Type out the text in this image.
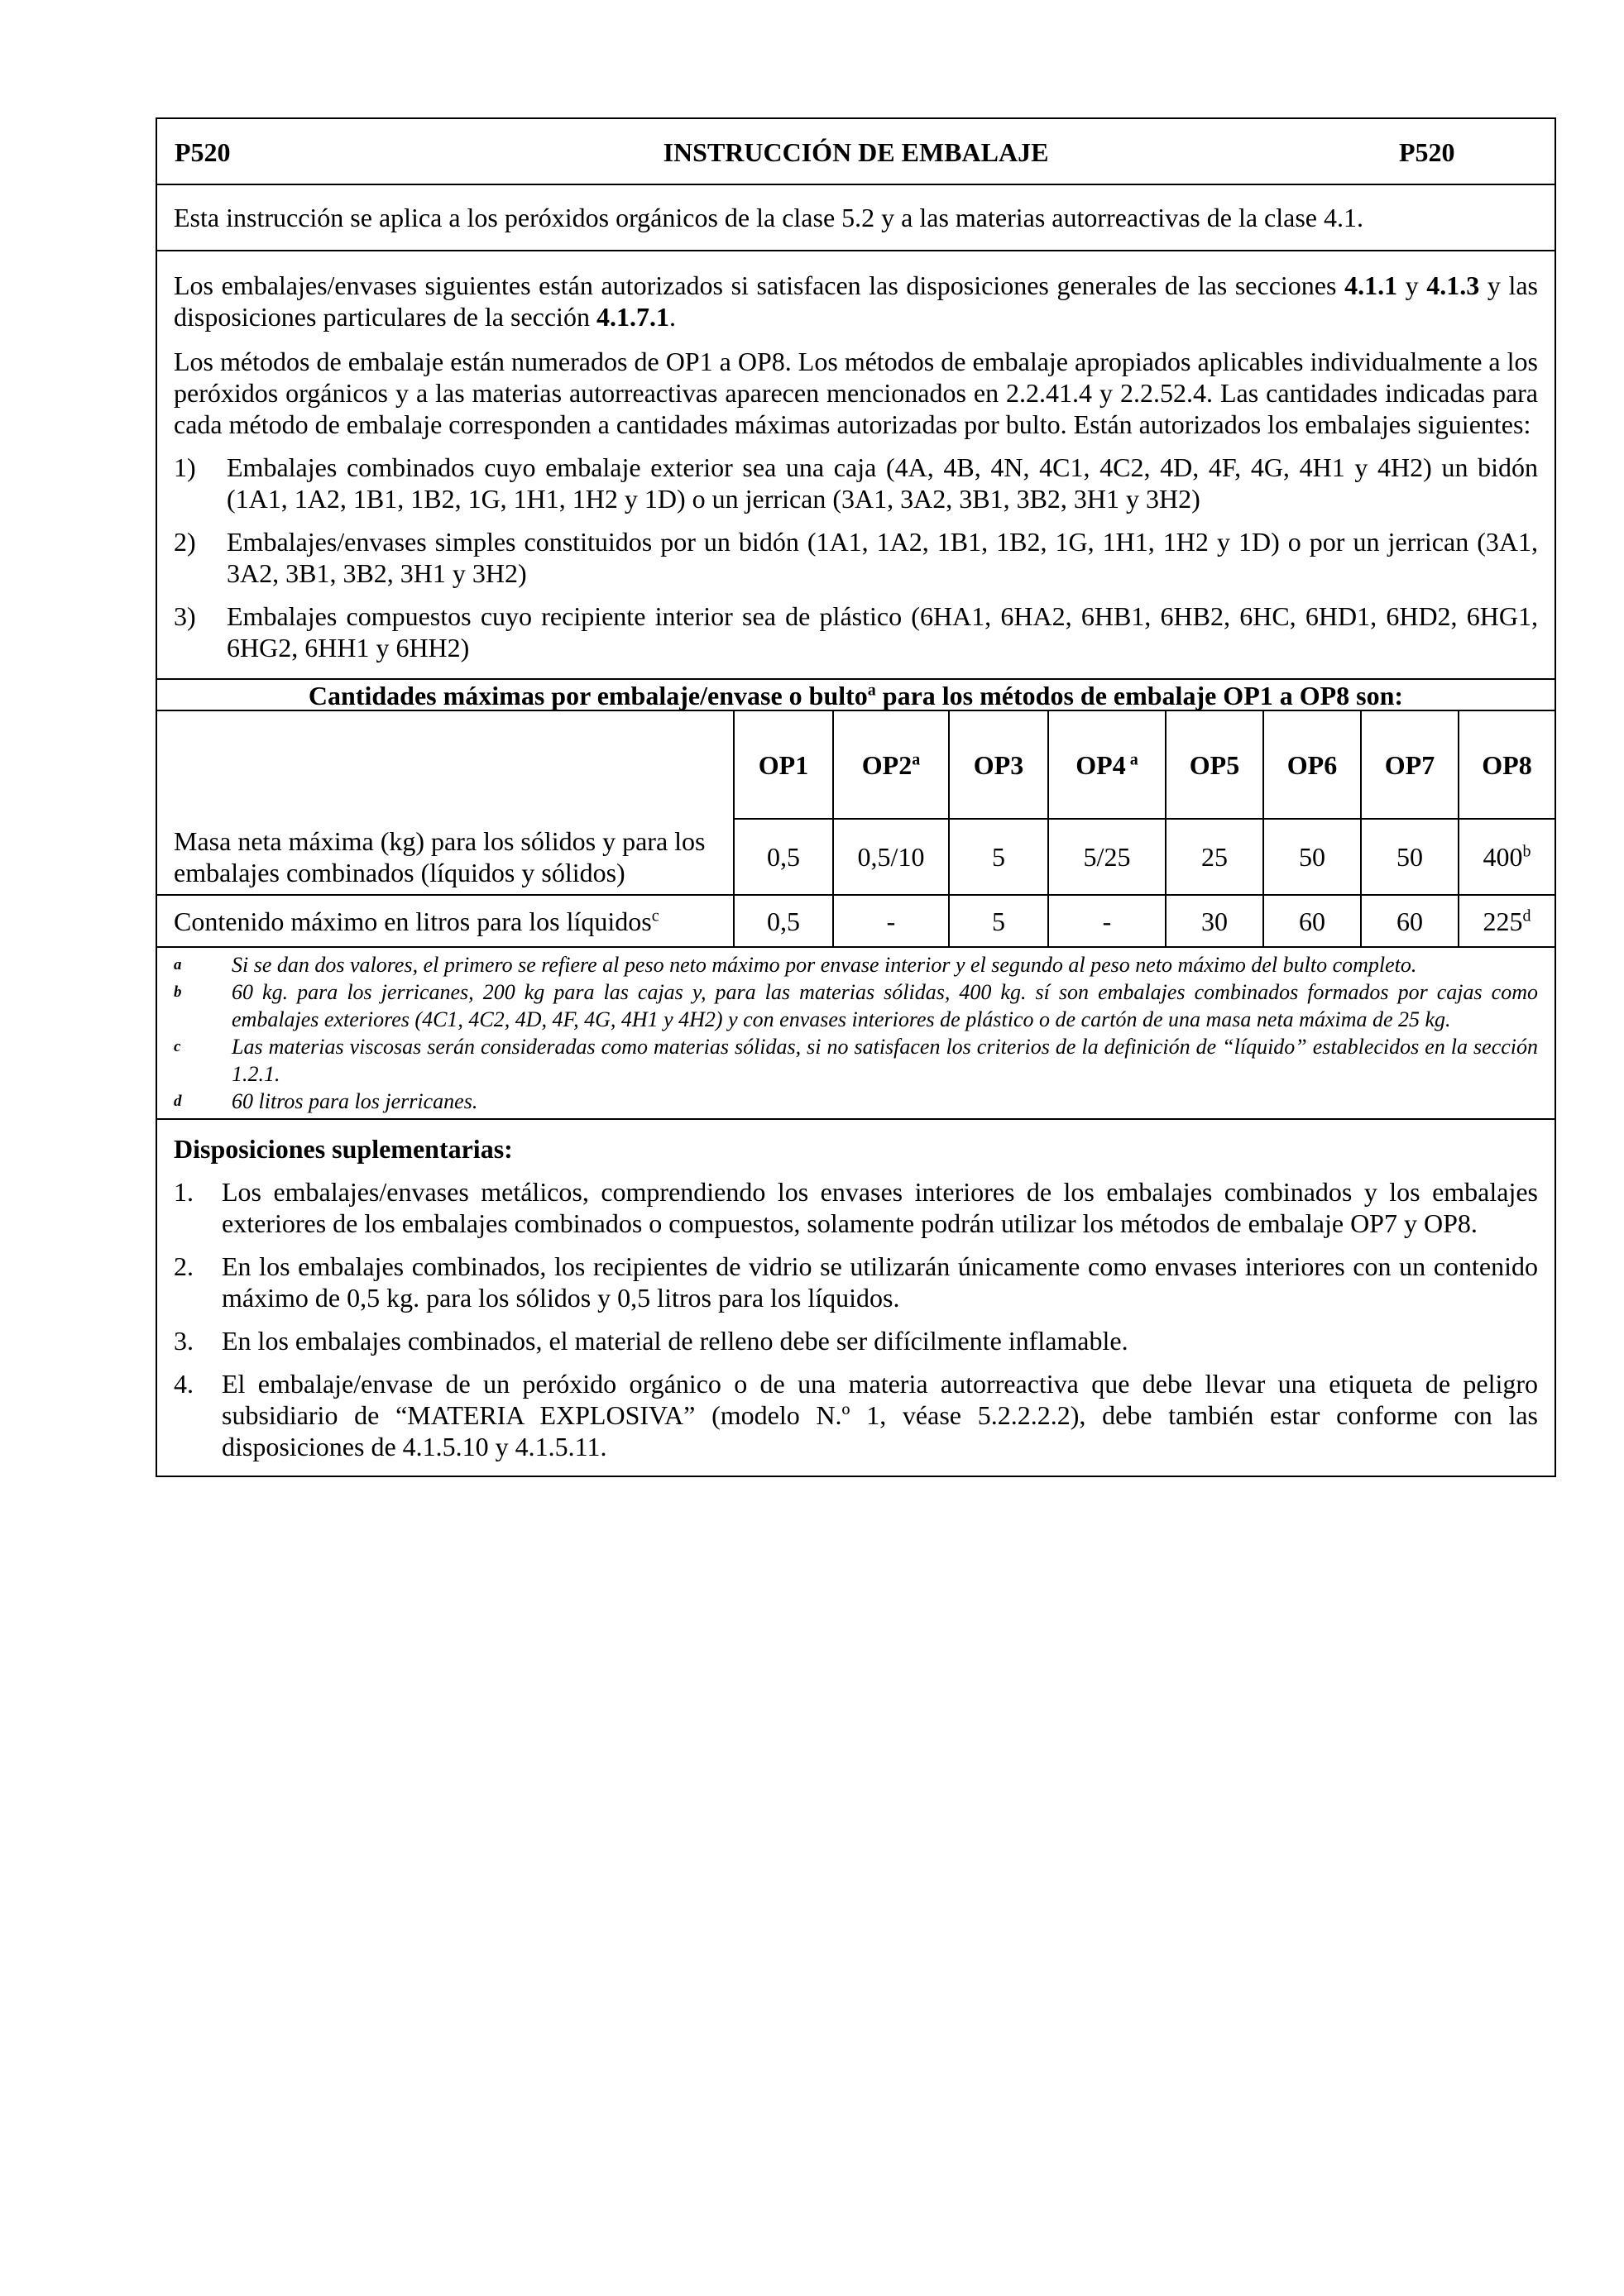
INSTRUCCIÓN DE EMBALAJE
P520	P520
Esta instrucción se aplica a los peróxidos orgánicos de la clase 5.2 y a las materias autorreactivas de la clase 4.1.

Los embalajes/envases siguientes están autorizados si satisfacen las disposiciones generales de las secciones 4.1.1 y 4.1.3 y las disposiciones particulares de la sección 4.1.7.1.

Los métodos de embalaje están numerados de OP1 a OP8. Los métodos de embalaje apropiados aplicables individualmente a los peróxidos orgánicos y a las materias autorreactivas aparecen mencionados en 2.2.41.4 y 2.2.52.4. Las cantidades indicadas para cada método de embalaje corresponden a cantidades máximas autorizadas por bulto. Están autorizados los embalajes siguientes:

1)	Embalajes combinados cuyo embalaje exterior sea una caja (4A, 4B, 4N, 4C1, 4C2, 4D, 4F, 4G, 4H1 y 4H2) un bidón (1A1, 1A2, 1B1, 1B2, 1G, 1H1, 1H2 y 1D) o un jerrican (3A1, 3A2, 3B1, 3B2, 3H1 y 3H2)
2)	Embalajes/envases simples constituidos por un bidón (1A1, 1A2, 1B1, 1B2, 1G, 1H1, 1H2 y 1D) o por un jerrican (3A1, 3A2, 3B1, 3B2, 3H1 y 3H2)
3)	Embalajes compuestos cuyo recipiente interior sea de plástico (6HA1, 6HA2, 6HB1, 6HB2, 6HC, 6HD1, 6HD2, 6HG1, 6HG2, 6HH1 y 6HH2)
Cantidades máximas por embalaje/envase o bulto$^a$ para los métodos de embalaje OP1 a OP8 son:
	OP1	OP2$^a$	OP3	OP4 $^a$	OP5	OP6	OP7	OP8
Masa neta máxima (kg) para los sólidos y para los embalajes combinados (líquidos y sólidos)	0,5	0,5/10	5	5/25	25	50	50	400$^b$
Contenido máximo en litros para los líquidos$^c$	0,5	-	5	-	30	60	60	225$^d$
a	Si se dan dos valores, el primero se refiere al peso neto máximo por envase interior y el segundo al peso neto máximo del bulto completo.
b	60 kg. para los jerricanes, 200 kg para las cajas y, para las materias sólidas, 400 kg. sí son embalajes combinados formados por cajas como embalajes exteriores (4C1, 4C2, 4D, 4F, 4G, 4H1 y 4H2) y con envases interiores de plástico o de cartón de una masa neta máxima de 25 kg.
c	Las materias viscosas serán consideradas como materias sólidas, si no satisfacen los criterios de la definición de “líquido” establecidos en la sección 1.2.1.
d	60 litros para los jerricanes.
Disposiciones suplementarias:
1.	Los embalajes/envases metálicos, comprendiendo los envases interiores de los embalajes combinados y los embalajes exteriores de los embalajes combinados o compuestos, solamente podrán utilizar los métodos de embalaje OP7 y OP8.
2.	En los embalajes combinados, los recipientes de vidrio se utilizarán únicamente como envases interiores con un contenido máximo de 0,5 kg. para los sólidos y 0,5 litros para los líquidos.
3.	En los embalajes combinados, el material de relleno debe ser difícilmente inflamable.
4.	El embalaje/envase de un peróxido orgánico o de una materia autorreactiva que debe llevar una etiqueta de peligro subsidiario de “MATERIA EXPLOSIVA” (modelo N.º 1, véase 5.2.2.2.2), debe también estar conforme con las disposiciones de 4.1.5.10 y 4.1.5.11.
